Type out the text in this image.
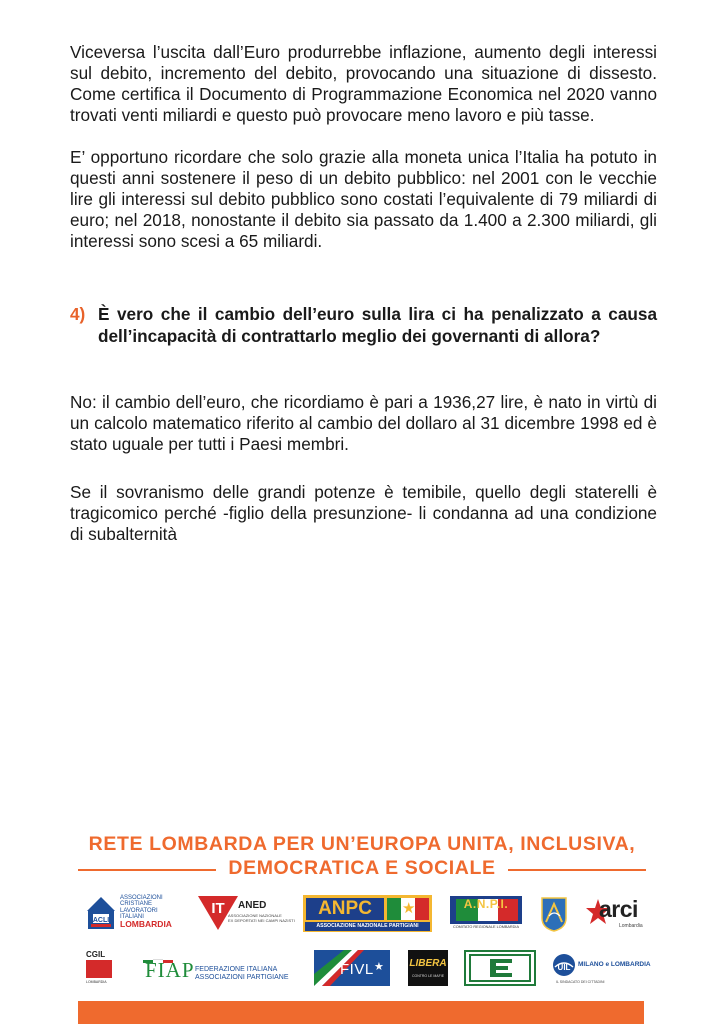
Viceversa l’uscita dall’Euro produrrebbe inflazione, aumento degli interessi sul debito, incremento del debito, provocando una situazione di dissesto. Come certifica il Documento di Programmazione Economica nel 2020 vanno trovati venti miliardi e questo può provocare meno lavoro e più tasse.

E’ opportuno ricordare che solo grazie alla moneta unica l’Italia ha potuto in questi anni sostenere il peso di un debito pubblico: nel 2001 con le vecchie lire gli interessi sul debito pubblico sono costati l’equivalente di 79 miliardi di euro; nel 2018, nonostante il debito sia passato da 1.400 a 2.300 miliardi, gli interessi sono scesi a 65 miliardi.

4) È vero che il cambio dell’euro sulla lira ci ha penalizzato a causa dell’incapacità di contrattarlo meglio dei governanti di allora?

No: il cambio dell’euro, che ricordiamo è pari a 1936,27 lire, è nato in virtù di un calcolo matematico riferito al cambio del dollaro al 31 dicembre 1998 ed è stato uguale per tutti i Paesi membri.

Se il sovranismo delle grandi potenze è temibile, quello degli staterelli è tragicomico perché -figlio della presunzione- li condanna ad una condizione di subalternità

RETE LOMBARDA PER UN’EUROPA UNITA, INCLUSIVA,

DEMOCRATICA E SOCIALE

ACLI
ASSOCIAZIONI
CRISTIANE
LAVORATORI
ITALIANI
LOMBARDIA
IT ANED
ASSOCIAZIONE NAZIONALE
EX DEPORTATI NEI CAMPI NAZISTI
ANPC	★
ASSOCIAZIONE NAZIONALE PARTIGIANI CRISTIANI
A.N.P.I.
COMITATO REGIONALE LOMBARDIA
arci
Lombardia
CGIL
LOMBARDIA FIAP FEDERAZIONE ITALIANA
ASSOCIAZIONI PARTIGIANE	FIVL ★	LIBERA
CONTRO LE MAFIE
UIL MILANO e LOMBARDIA
IL SINDACATO DEI CITTADINI
